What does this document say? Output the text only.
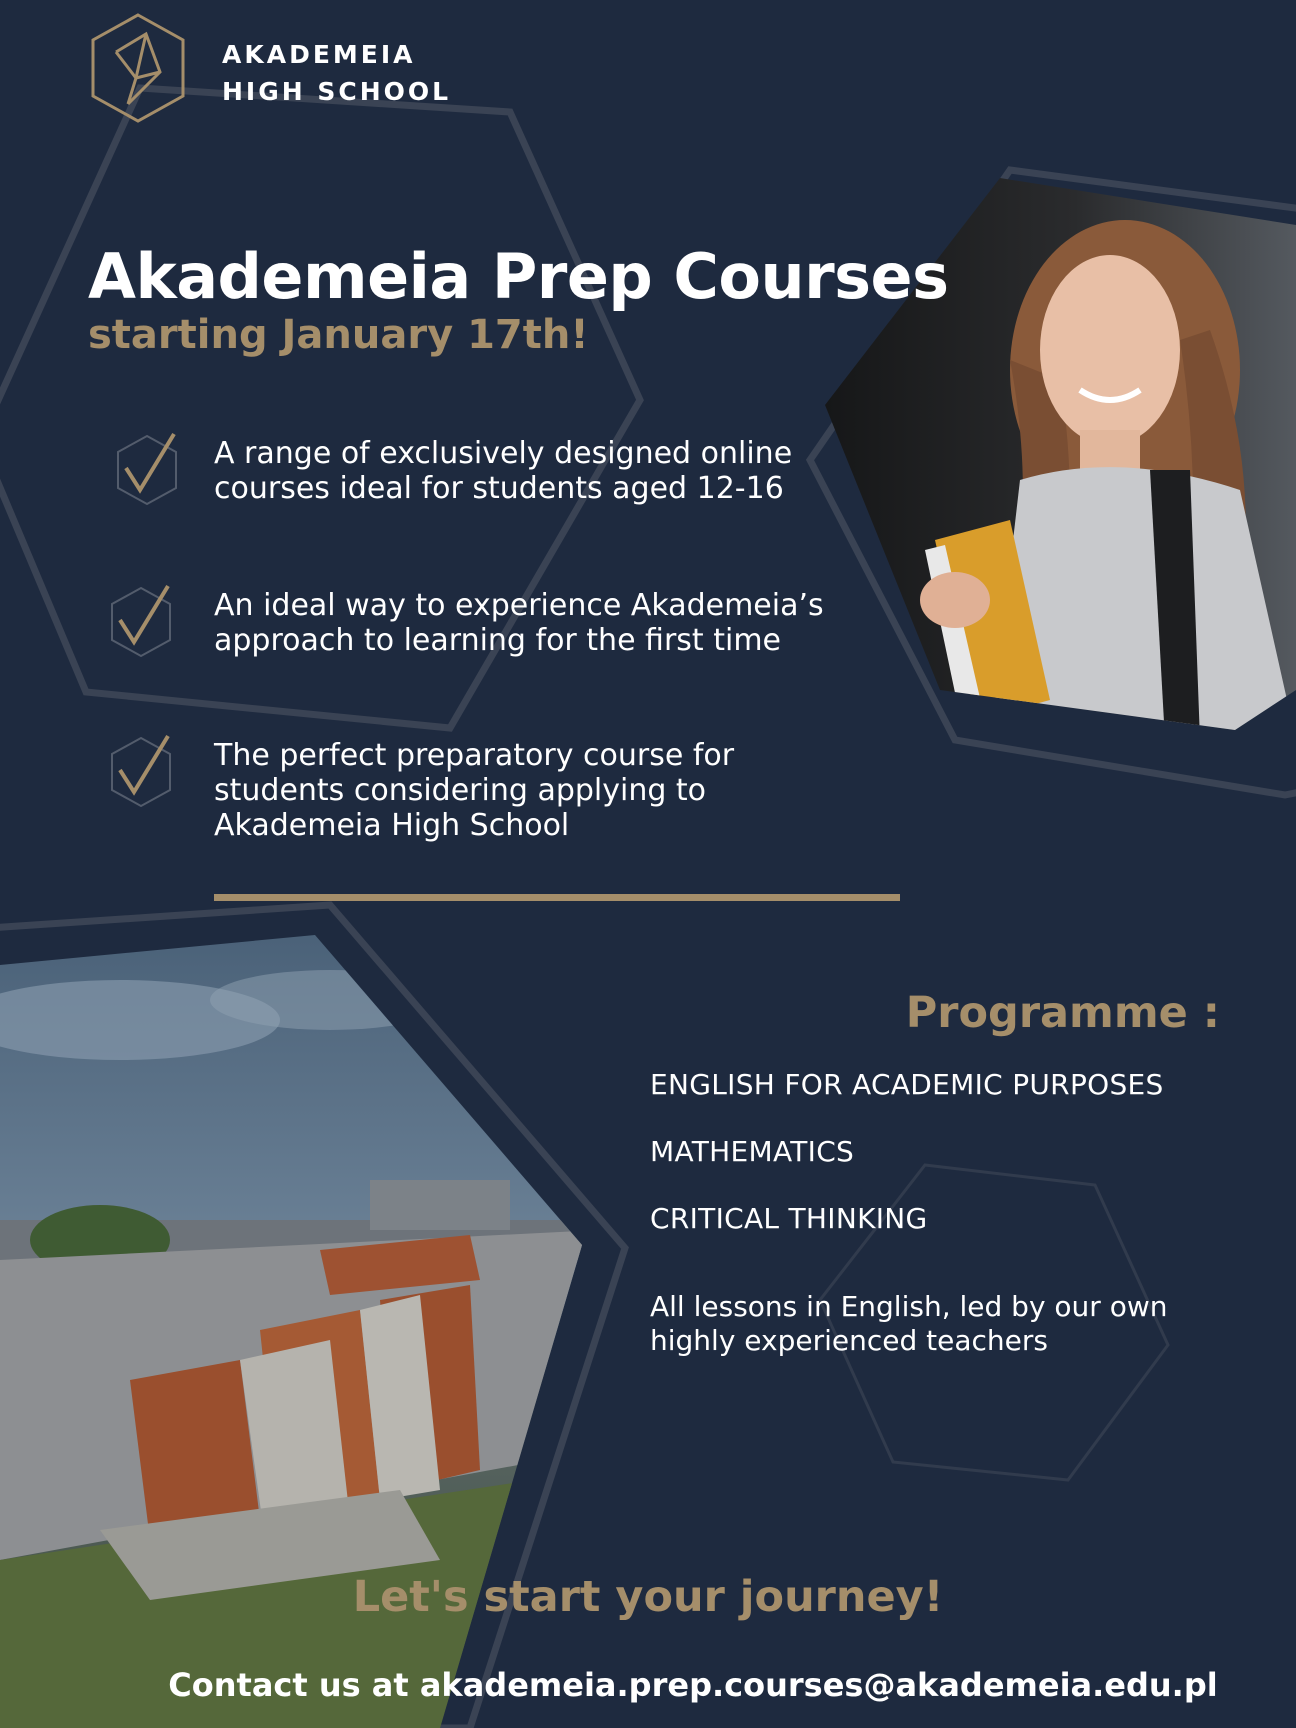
AKADEMEIA
HIGH SCHOOL
Akademeia Prep Courses
starting January 17th!
A range of exclusively designed online
courses ideal for students aged 12-16
An ideal way to experience Akademeia’s
approach to learning for the first time
The perfect preparatory course for
students considering applying to
Akademeia High School
Programme :
ENGLISH FOR ACADEMIC PURPOSES
MATHEMATICS
CRITICAL THINKING
All lessons in English, led by our own
highly experienced teachers
Let's start your journey!
Contact us at akademeia.prep.courses@akademeia.edu.pl
